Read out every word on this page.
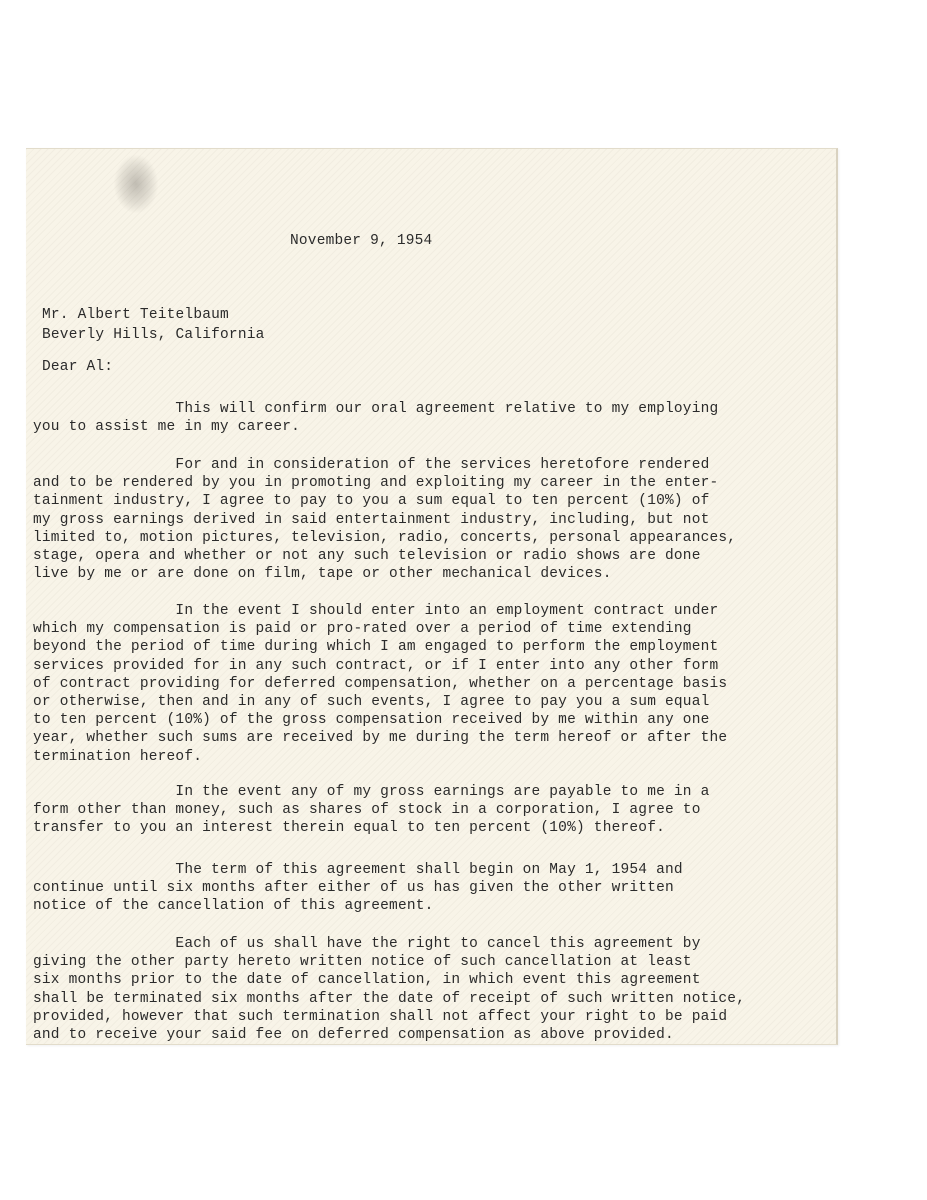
November 9, 1954
Mr. Albert Teitelbaum
Beverly Hills, California
Dear Al:
This will confirm our oral agreement relative to my employing
you to assist me in my career.
For and in consideration of the services heretofore rendered
and to be rendered by you in promoting and exploiting my career in the enter-
tainment industry, I agree to pay to you a sum equal to ten percent (10%) of
my gross earnings derived in said entertainment industry, including, but not
limited to, motion pictures, television, radio, concerts, personal appearances,
stage, opera and whether or not any such television or radio shows are done
live by me or are done on film, tape or other mechanical devices.
In the event I should enter into an employment contract under
which my compensation is paid or pro-rated over a period of time extending
beyond the period of time during which I am engaged to perform the employment
services provided for in any such contract, or if I enter into any other form
of contract providing for deferred compensation, whether on a percentage basis
or otherwise, then and in any of such events, I agree to pay you a sum equal
to ten percent (10%) of the gross compensation received by me within any one
year, whether such sums are received by me during the term hereof or after the
termination hereof.
In the event any of my gross earnings are payable to me in a
form other than money, such as shares of stock in a corporation, I agree to
transfer to you an interest therein equal to ten percent (10%) thereof.
The term of this agreement shall begin on May 1, 1954 and
continue until six months after either of us has given the other written
notice of the cancellation of this agreement.
Each of us shall have the right to cancel this agreement by
giving the other party hereto written notice of such cancellation at least
six months prior to the date of cancellation, in which event this agreement
shall be terminated six months after the date of receipt of such written notice,
provided, however that such termination shall not affect your right to be paid
and to receive your said fee on deferred compensation as above provided.
